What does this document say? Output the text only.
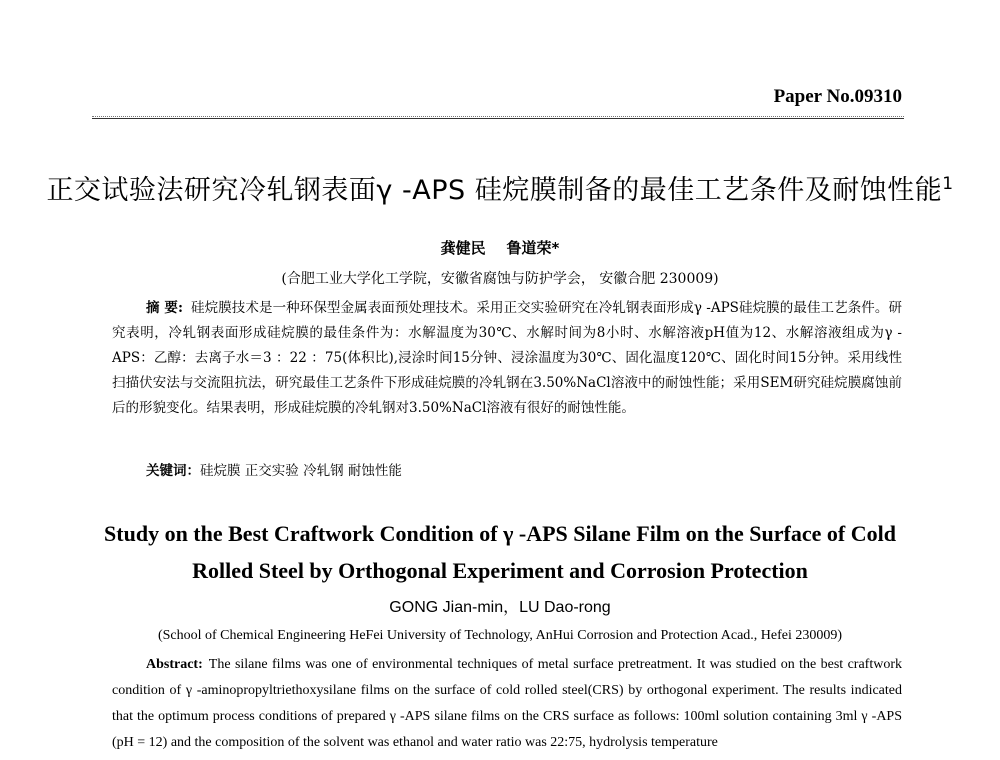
Paper No.09310
正交试验法研究冷轧钢表面γ -APS 硅烷膜制备的最佳工艺条件及耐蚀性能$^1$
龚健民    鲁道荣*
(合肥工业大学化工学院，安徽省腐蚀与防护学会， 安徽合肥 230009)
摘 要: 硅烷膜技术是一种环保型金属表面预处理技术。采用正交实验研究在冷轧钢表面形成γ -APS硅烷膜的最佳工艺条件。研究表明，冷轧钢表面形成硅烷膜的最佳条件为：水解温度为30℃、水解时间为8小时、水解溶液pH值为12、水解溶液组成为γ -APS：乙醇：去离子水＝3 ：22 ：75(体积比),浸涂时间15分钟、浸涂温度为30℃、固化温度120℃、固化时间15分钟。采用线性扫描伏安法与交流阻抗法，研究最佳工艺条件下形成硅烷膜的冷轧钢在3.50%NaCl溶液中的耐蚀性能；采用SEM研究硅烷膜腐蚀前后的形貌变化。结果表明，形成硅烷膜的冷轧钢对3.50%NaCl溶液有很好的耐蚀性能。
关键词：硅烷膜 正交实验 冷轧钢 耐蚀性能
Study on the Best Craftwork Condition of γ -APS Silane Film on the Surface of Cold
Rolled Steel by Orthogonal Experiment and Corrosion Protection
GONG Jian-min，LU Dao-rong
(School of Chemical Engineering HeFei University of Technology, AnHui Corrosion and Protection Acad., Hefei 230009)
Abstract: The silane films was one of environmental techniques of metal surface pretreatment. It was studied on the best craftwork condition of γ -aminopropyltriethoxysilane films on the surface of cold rolled steel(CRS) by orthogonal experiment. The results indicated that the optimum process conditions of prepared γ -APS silane films on the CRS surface as follows: 100ml solution containing 3ml γ -APS (pH = 12) and the composition of the solvent was ethanol and water ratio was 22:75, hydrolysis temperature
